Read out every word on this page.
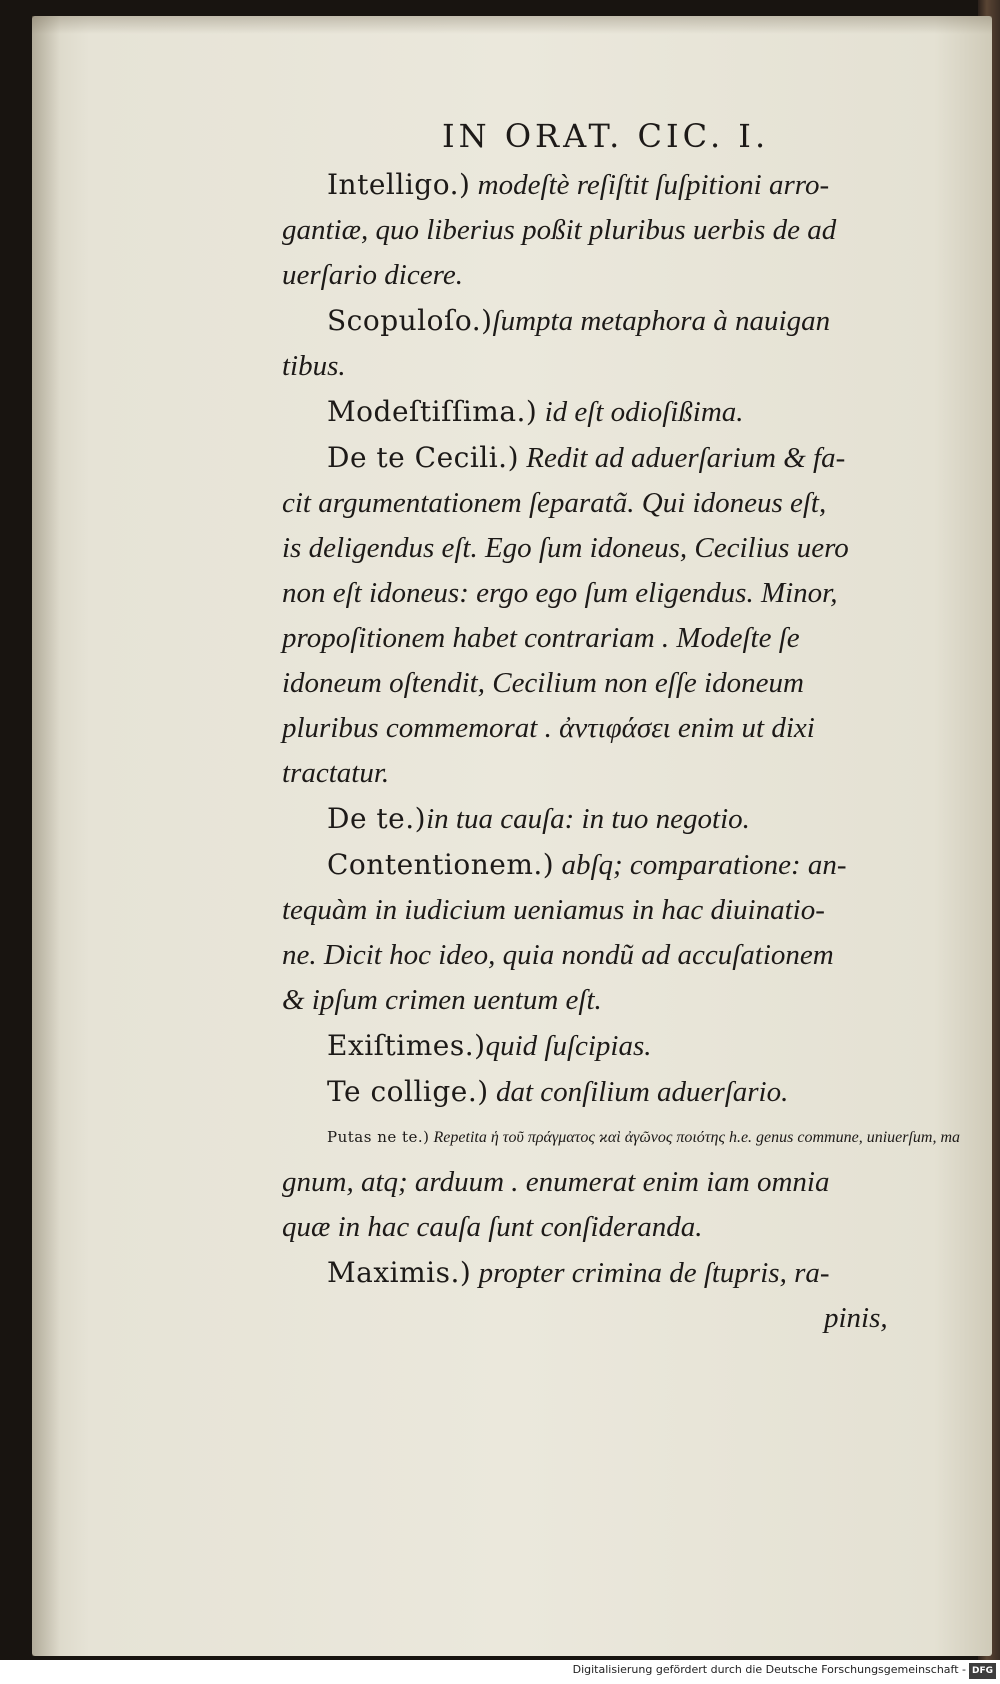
IN ORAT. CIC. I.
Intelligo.) modeſtè reſiſtit ſuſpitioni arro-
gantiæ, quo liberius poßit pluribus uerbis de ad
uerſario dicere.
Scopuloſo.)ſumpta metaphora à nauigan
tibus.
Modeſtiſſima.) id eſt odioſißima.
De te Cecili.) Redit ad aduerſarium & fa-
cit argumentationem ſeparatã. Qui idoneus eſt,
is deligendus eſt. Ego ſum idoneus, Cecilius uero
non eſt idoneus: ergo ego ſum eligendus. Minor,
propoſitionem habet contrariam . Modeſte ſe
idoneum oſtendit, Cecilium non eſſe idoneum
pluribus commemorat . ἀντιφάσει enim ut dixi
tractatur.
De te.)in tua cauſa: in tuo negotio.
Contentionem.) abſq; comparatione: an-
tequàm in iudicium ueniamus in hac diuinatio-
ne. Dicit hoc ideo, quia nondũ ad accuſationem
& ipſum crimen uentum eſt.
Exiſtimes.)quid ſuſcipias.
Te collige.) dat conſilium aduerſario.
Putas ne te.) Repetita ἡ τοῦ πράγματος ϰαὶ ἀγῶνος ποιότης h.e. genus commune, uniuerſum, ma
gnum, atq; arduum . enumerat enim iam omnia
quæ in hac cauſa ſunt conſideranda.
Maximis.) propter crimina de ſtupris, ra-
pinis,
Digitalisierung gefördert durch die Deutsche Forschungsgemeinschaft - DFG
